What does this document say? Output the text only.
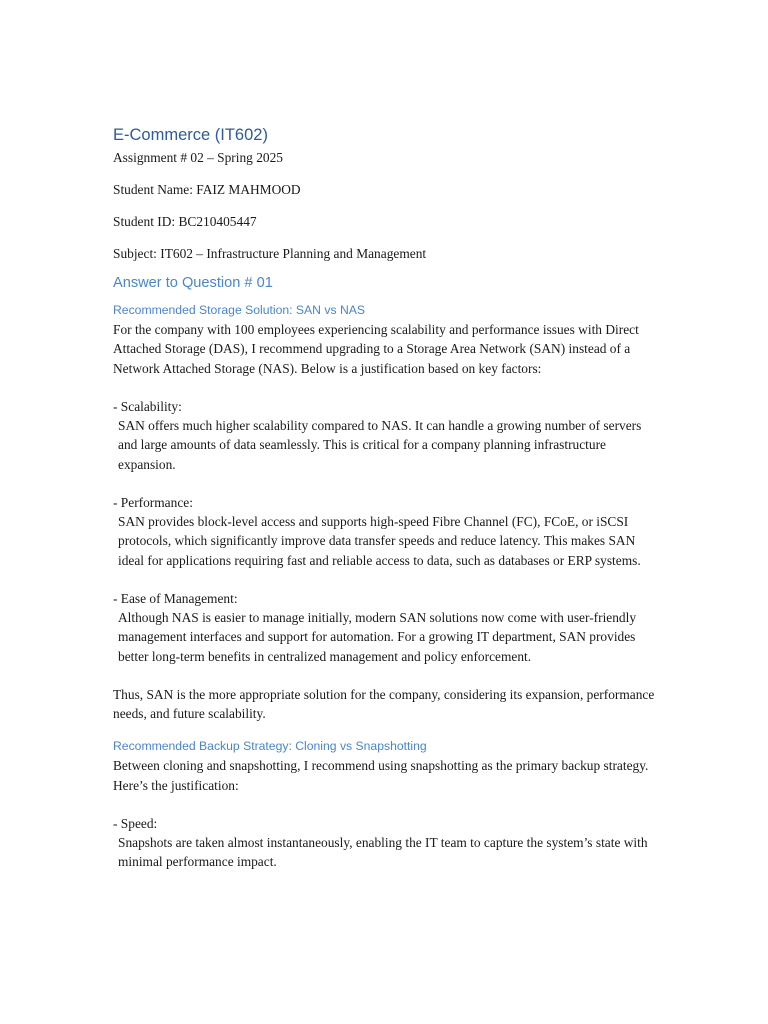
E-Commerce (IT602)
Assignment # 02 – Spring 2025
Student Name: FAIZ MAHMOOD
Student ID: BC210405447
Subject: IT602 – Infrastructure Planning and Management
Answer to Question # 01
Recommended Storage Solution: SAN vs NAS
For the company with 100 employees experiencing scalability and performance issues with Direct Attached Storage (DAS), I recommend upgrading to a Storage Area Network (SAN) instead of a Network Attached Storage (NAS). Below is a justification based on key factors:
- Scalability:
SAN offers much higher scalability compared to NAS. It can handle a growing number of servers and large amounts of data seamlessly. This is critical for a company planning infrastructure expansion.
- Performance:
SAN provides block-level access and supports high-speed Fibre Channel (FC), FCoE, or iSCSI protocols, which significantly improve data transfer speeds and reduce latency. This makes SAN ideal for applications requiring fast and reliable access to data, such as databases or ERP systems.
- Ease of Management:
Although NAS is easier to manage initially, modern SAN solutions now come with user-friendly management interfaces and support for automation. For a growing IT department, SAN provides better long-term benefits in centralized management and policy enforcement.
Thus, SAN is the more appropriate solution for the company, considering its expansion, performance needs, and future scalability.
Recommended Backup Strategy: Cloning vs Snapshotting
Between cloning and snapshotting, I recommend using snapshotting as the primary backup strategy. Here’s the justification:
- Speed:
Snapshots are taken almost instantaneously, enabling the IT team to capture the system’s state with minimal performance impact.
